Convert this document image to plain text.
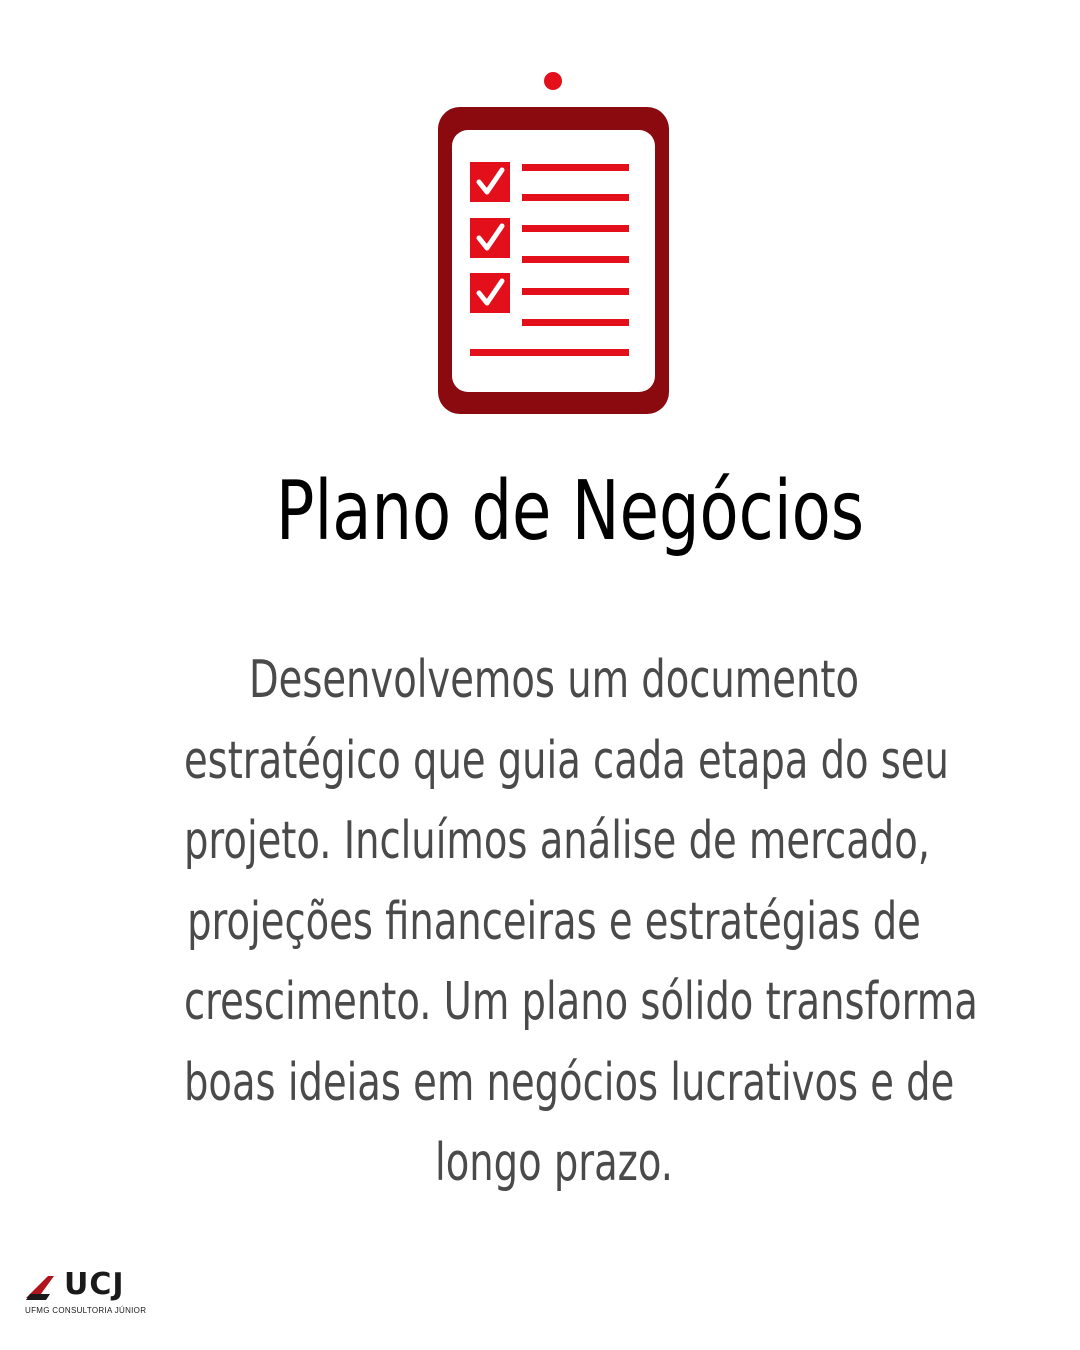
Plano de Negócios
Desenvolvemos um documento
estratégico que guia cada etapa do seu
projeto. Incluímos análise de mercado,
projeções financeiras e estratégias de
crescimento. Um plano sólido transforma
boas ideias em negócios lucrativos e de
longo prazo.
UCJ
UFMG CONSULTORIA JÚNIOR
